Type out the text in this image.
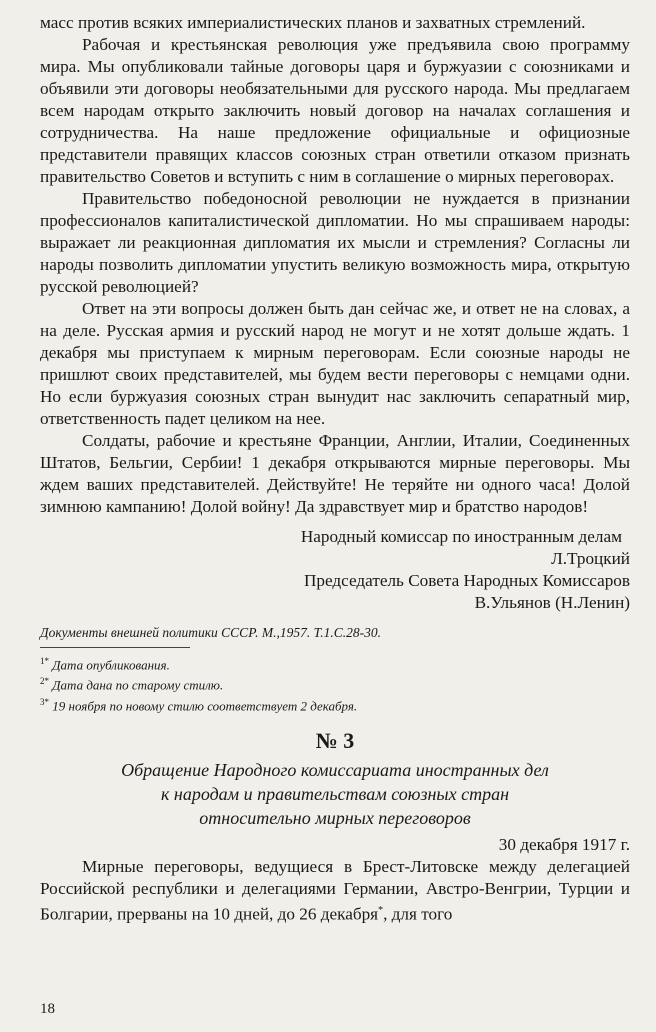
масс против всяких империалистических планов и захватных стремлений.

Рабочая и крестьянская революция уже предъявила свою программу мира. Мы опубликовали тайные договоры царя и буржуазии с союзниками и объявили эти договоры необязательными для русского народа. Мы предлагаем всем народам открыто заключить новый договор на началах соглашения и сотрудничества. На наше предложение официальные и официозные представители правящих классов союзных стран ответили отказом признать правительство Советов и вступить с ним в соглашение о мирных переговорах.

Правительство победоносной революции не нуждается в признании профессионалов капиталистической дипломатии. Но мы спрашиваем народы: выражает ли реакционная дипломатия их мысли и стремления? Согласны ли народы позволить дипломатии упустить великую возможность мира, открытую русской революцией?

Ответ на эти вопросы должен быть дан сейчас же, и ответ не на словах, а на деле. Русская армия и русский народ не могут и не хотят дольше ждать. 1 декабря мы приступаем к мирным переговорам. Если союзные народы не пришлют своих представителей, мы будем вести переговоры с немцами одни. Но если буржуазия союзных стран вынудит нас заключить сепаратный мир, ответственность падет целиком на нее.

Солдаты, рабочие и крестьяне Франции, Англии, Италии, Соединенных Штатов, Бельгии, Сербии! 1 декабря открываются мирные переговоры. Мы ждем ваших представителей. Действуйте! Не теряйте ни одного часа! Долой зимнюю кампанию! Долой войну! Да здравствует мир и братство народов!

Народный комиссар по иностранным делам
Л.Троцкий
Председатель Совета Народных Комиссаров
В.Ульянов (Н.Ленин)
Документы внешней политики СССР. М.,1957. Т.1.С.28-30.
$^{1*}$ Дата опубликования.
$^{2*}$ Дата дана по старому стилю.
$^{3*}$ 19 ноября по новому стилю соответствует 2 декабря.
№ 3
Обращение Народного комиссариата иностранных дел
к народам и правительствам союзных стран
относительно мирных переговоров
30 декабря 1917 г.

Мирные переговоры, ведущиеся в Брест-Литовске между делегацией Российской республики и делегациями Германии, Австро-Венгрии, Турции и Болгарии, прерваны на 10 дней, до 26 декабря*, для того

18
